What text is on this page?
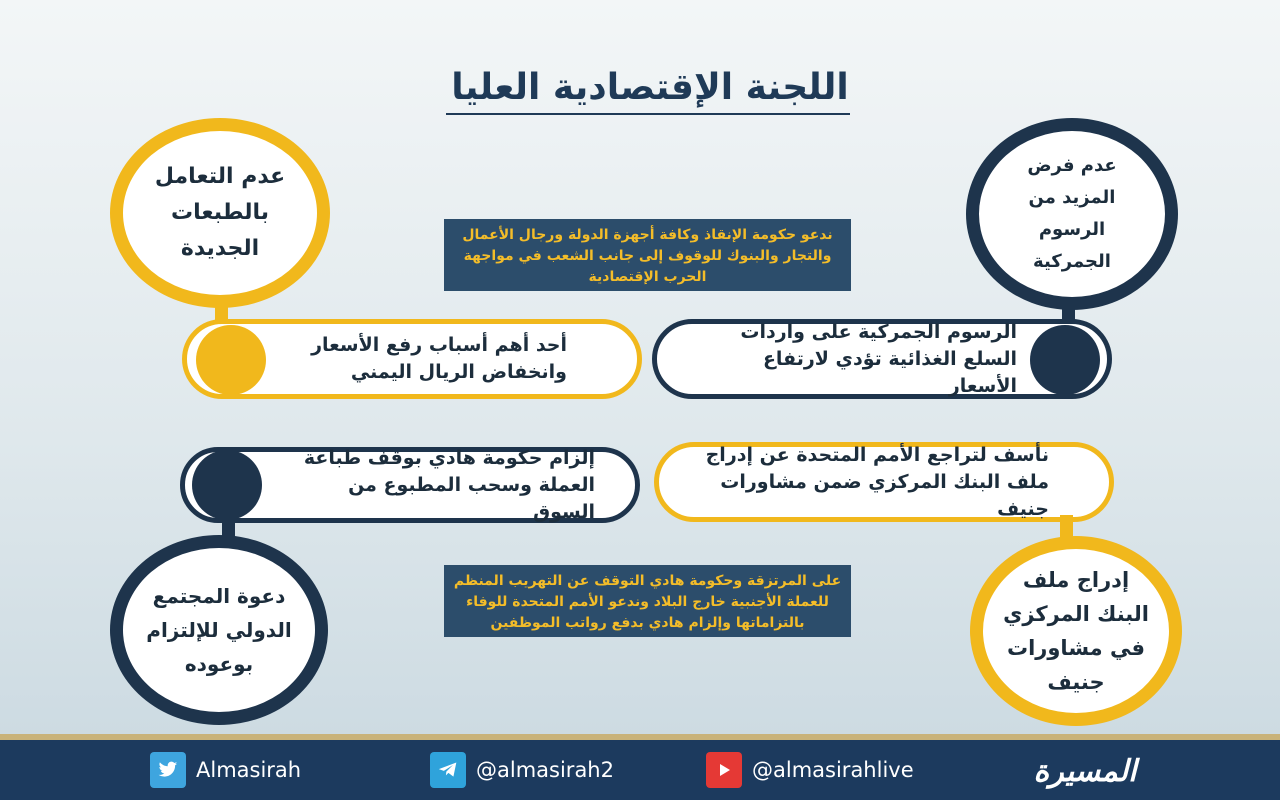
اللجنة الإقتصادية العليا
عدم التعامل بالطبعات الجديدة
أحد أهم أسباب رفع الأسعار وانخفاض الريال اليمني
عدم فرض المزيد من الرسوم الجمركية
الرسوم الجمركية على واردات السلع الغذائية تؤدي لارتفاع الأسعار
ندعو حكومة الإنقاذ وكافة أجهزة الدولة ورجال الأعمال والتجار والبنوك للوقوف إلى جانب الشعب في مواجهة الحرب الإقتصادية
إلزام حكومة هادي بوقف طباعة العملة وسحب المطبوع من السوق
دعوة المجتمع الدولي للإلتزام بوعوده
نأسف لتراجع الأمم المتحدة عن إدراج ملف البنك المركزي ضمن مشاورات جنيف
إدراج ملف البنك المركزي في مشاورات جنيف
على المرتزقة وحكومة هادي التوقف عن التهريب المنظم للعملة الأجنبية خارج البلاد وندعو الأمم المتحدة للوفاء بالتزاماتها وإلزام هادي بدفع رواتب الموظفين
Almasirah	@almasirah2	@almasirahlive	المسيرة
